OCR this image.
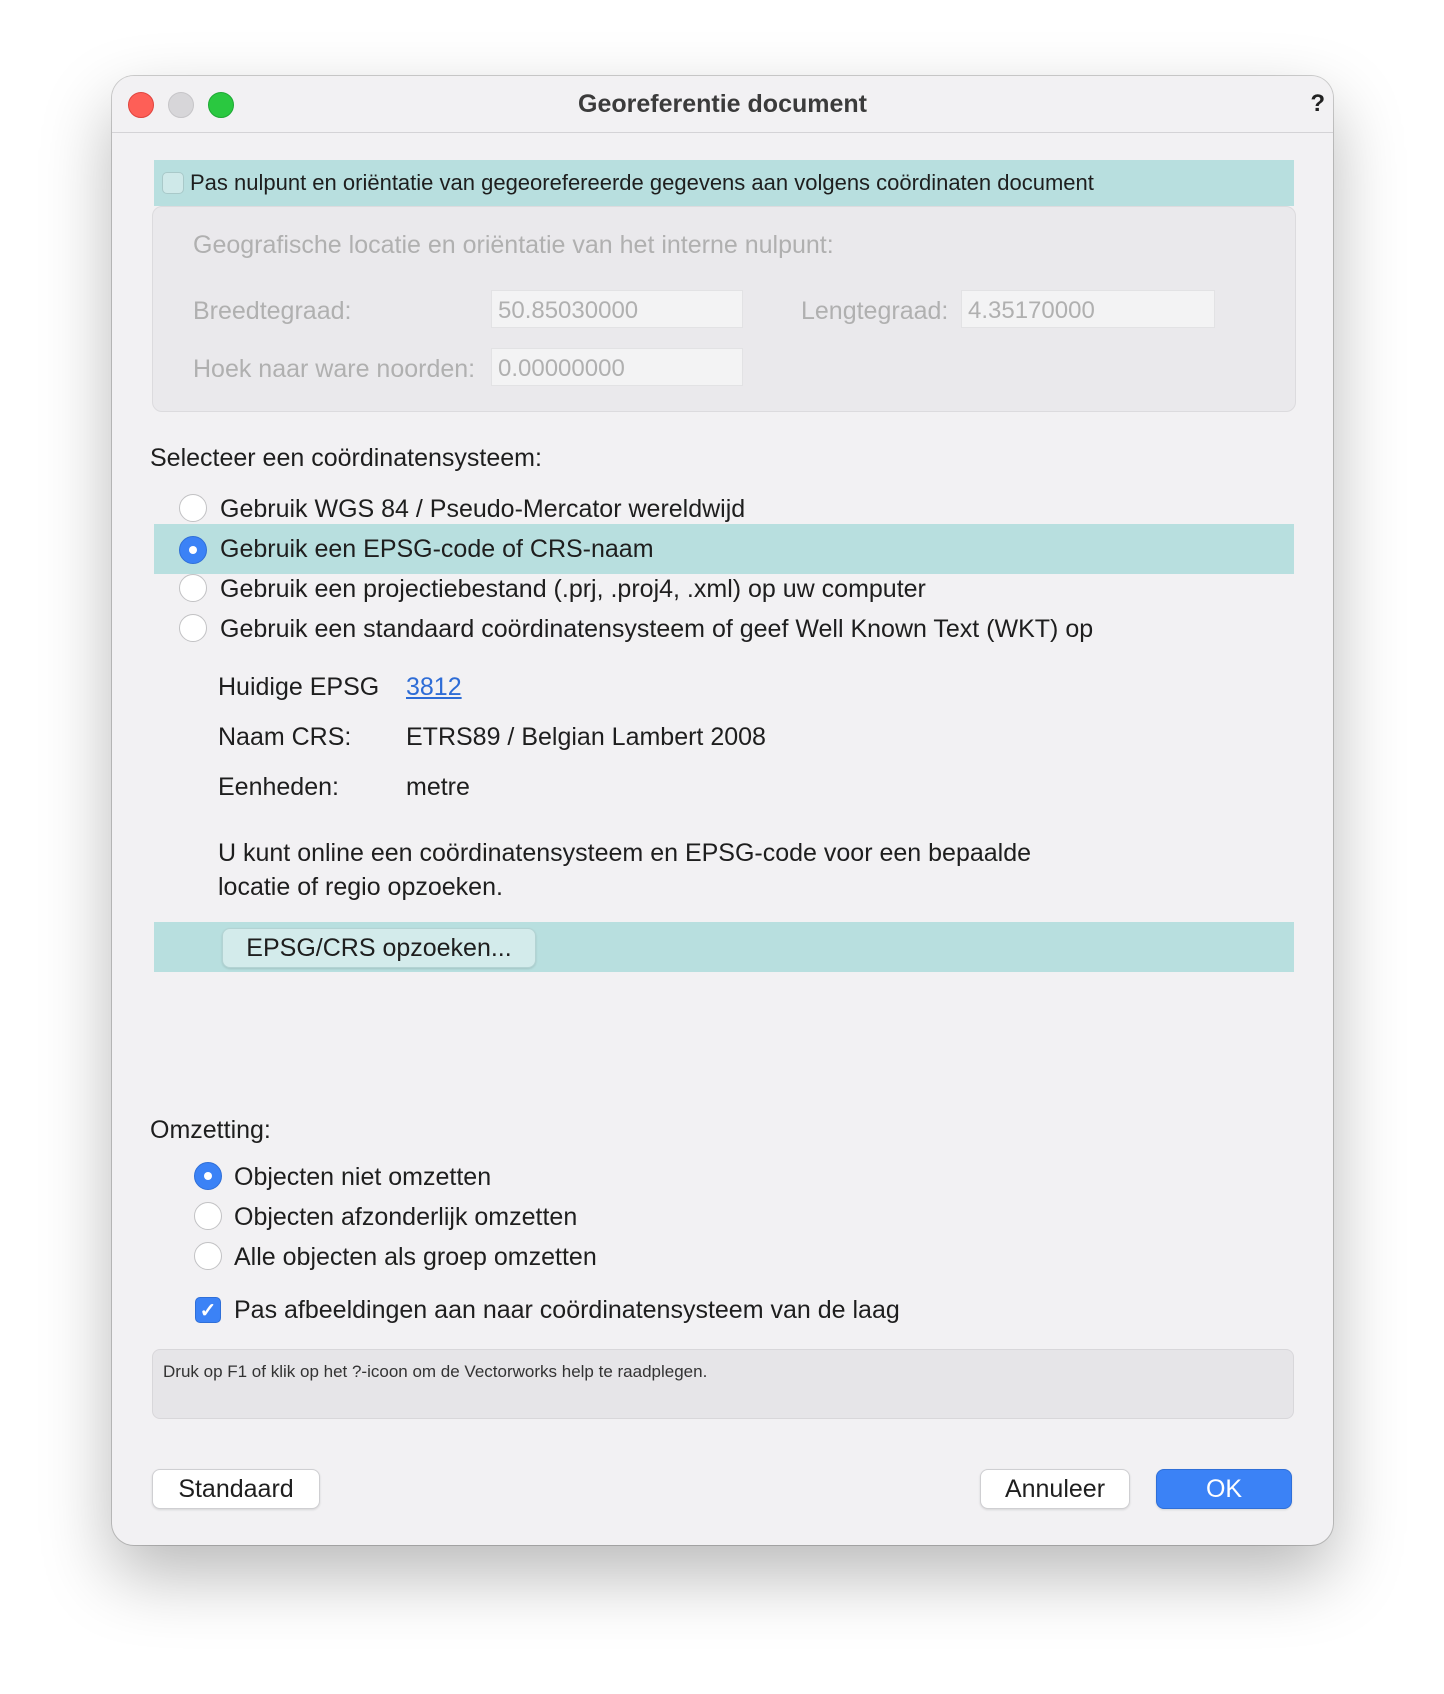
Georeferentie document	?
Pas nulpunt en oriëntatie van gegeorefereerde gegevens aan volgens coördinaten document
Geografische locatie en oriëntatie van het interne nulpunt:
Breedtegraad:	50.85030000	Lengtegraad: 4.35170000
Hoek naar ware noorden: 0.00000000
Selecteer een coördinatensysteem:
Gebruik WGS 84 / Pseudo-Mercator wereldwijd
Gebruik een EPSG-code of CRS-naam
Gebruik een projectiebestand (.prj, .proj4, .xml) op uw computer
Gebruik een standaard coördinatensysteem of geef Well Known Text (WKT) op
Huidige EPSG 3812
Naam CRS: ETRS89 / Belgian Lambert 2008
Eenheden:	metre
U kunt online een coördinatensysteem en EPSG-code voor een bepaalde
locatie of regio opzoeken.
EPSG/CRS opzoeken...
Omzetting:
Objecten niet omzetten
Objecten afzonderlijk omzetten
Alle objecten als groep omzetten
✓ Pas afbeeldingen aan naar coördinatensysteem van de laag
Druk op F1 of klik op het ?-icoon om de Vectorworks help te raadplegen.
Standaard	Annuleer	OK
